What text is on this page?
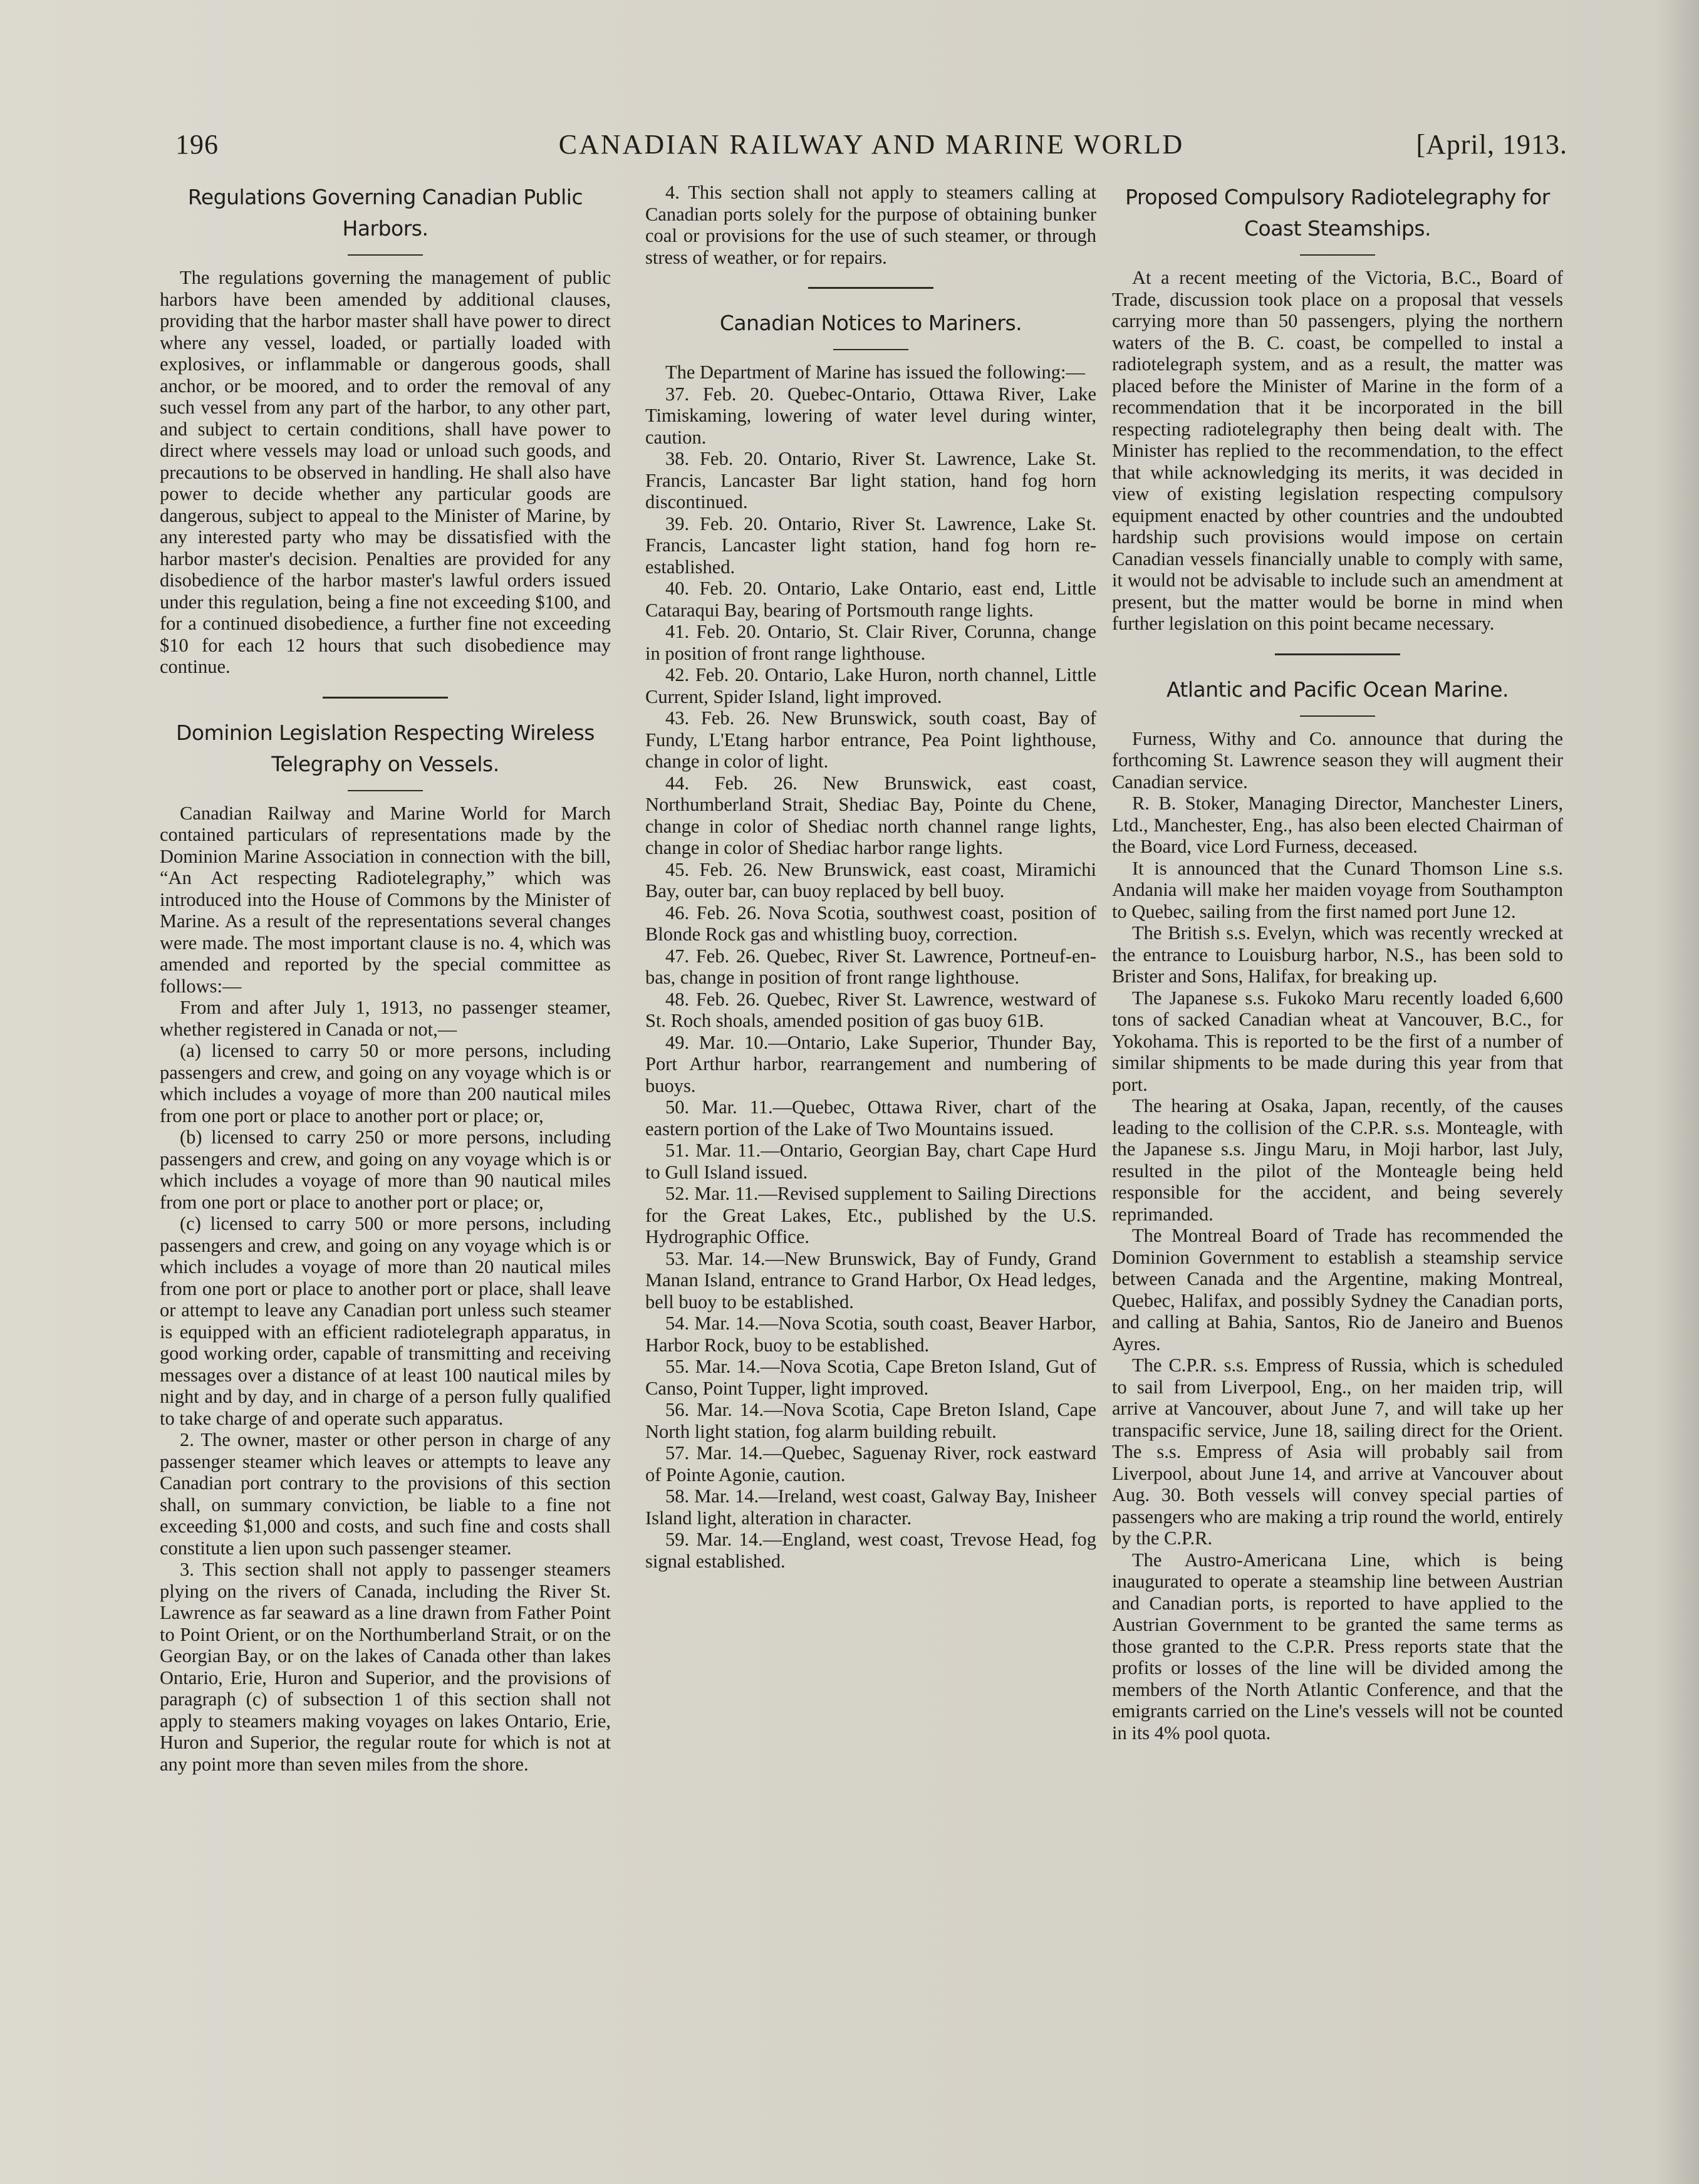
196	CANADIAN RAILWAY AND MARINE WORLD	[April, 1913.
Regulations Governing Canadian Public Harbors.

The regulations governing the management of public harbors have been amended by additional clauses, providing that the harbor master shall have power to direct where any vessel, loaded, or partially loaded with explosives, or inflammable or dangerous goods, shall anchor, or be moored, and to order the removal of any such vessel from any part of the harbor, to any other part, and subject to certain conditions, shall have power to direct where vessels may load or unload such goods, and precautions to be observed in handling. He shall also have power to decide whether any particular goods are dangerous, subject to appeal to the Minister of Marine, by any interested party who may be dissatisfied with the harbor master's decision. Penalties are provided for any disobedience of the harbor master's lawful orders issued under this regulation, being a fine not exceeding $100, and for a continued disobedience, a further fine not exceeding $10 for each 12 hours that such disobedience may continue.

Dominion Legislation Respecting Wireless Telegraphy on Vessels.

Canadian Railway and Marine World for March contained particulars of representations made by the Dominion Marine Association in connection with the bill, “An Act respecting Radiotelegraphy,” which was introduced into the House of Commons by the Minister of Marine. As a result of the representations several changes were made. The most important clause is no. 4, which was amended and reported by the special committee as follows:—

From and after July 1, 1913, no passenger steamer, whether registered in Canada or not,—

(a) licensed to carry 50 or more persons, including passengers and crew, and going on any voyage which is or which includes a voyage of more than 200 nautical miles from one port or place to another port or place; or,

(b) licensed to carry 250 or more persons, including passengers and crew, and going on any voyage which is or which includes a voyage of more than 90 nautical miles from one port or place to another port or place; or,

(c) licensed to carry 500 or more persons, including passengers and crew, and going on any voyage which is or which includes a voyage of more than 20 nautical miles from one port or place to another port or place, shall leave or attempt to leave any Canadian port unless such steamer is equipped with an efficient radiotelegraph apparatus, in good working order, capable of transmitting and receiving messages over a distance of at least 100 nautical miles by night and by day, and in charge of a person fully qualified to take charge of and operate such apparatus.

2. The owner, master or other person in charge of any passenger steamer which leaves or attempts to leave any Canadian port contrary to the provisions of this section shall, on summary conviction, be liable to a fine not exceeding $1,000 and costs, and such fine and costs shall constitute a lien upon such passenger steamer.

3. This section shall not apply to passenger steamers plying on the rivers of Canada, including the River St. Lawrence as far seaward as a line drawn from Father Point to Point Orient, or on the Northumberland Strait, or on the Georgian Bay, or on the lakes of Canada other than lakes Ontario, Erie, Huron and Superior, and the provisions of paragraph (c) of subsection 1 of this section shall not apply to steamers making voyages on lakes Ontario, Erie, Huron and Superior, the regular route for which is not at any point more than seven miles from the shore.

4. This section shall not apply to steamers calling at Canadian ports solely for the purpose of obtaining bunker coal or provisions for the use of such steamer, or through stress of weather, or for repairs.

Canadian Notices to Mariners.

The Department of Marine has issued the following:—

37. Feb. 20. Quebec-Ontario, Ottawa River, Lake Timiskaming, lowering of water level during winter, caution.

38. Feb. 20. Ontario, River St. Lawrence, Lake St. Francis, Lancaster Bar light station, hand fog horn discontinued.

39. Feb. 20. Ontario, River St. Lawrence, Lake St. Francis, Lancaster light station, hand fog horn re-established.

40. Feb. 20. Ontario, Lake Ontario, east end, Little Cataraqui Bay, bearing of Portsmouth range lights.

41. Feb. 20. Ontario, St. Clair River, Corunna, change in position of front range lighthouse.

42. Feb. 20. Ontario, Lake Huron, north channel, Little Current, Spider Island, light improved.

43. Feb. 26. New Brunswick, south coast, Bay of Fundy, L'Etang harbor entrance, Pea Point lighthouse, change in color of light.

44. Feb. 26. New Brunswick, east coast, Northumberland Strait, Shediac Bay, Pointe du Chene, change in color of Shediac north channel range lights, change in color of Shediac harbor range lights.

45. Feb. 26. New Brunswick, east coast, Miramichi Bay, outer bar, can buoy replaced by bell buoy.

46. Feb. 26. Nova Scotia, southwest coast, position of Blonde Rock gas and whistling buoy, correction.

47. Feb. 26. Quebec, River St. Lawrence, Portneuf-en-bas, change in position of front range lighthouse.

48. Feb. 26. Quebec, River St. Lawrence, westward of St. Roch shoals, amended position of gas buoy 61B.

49. Mar. 10.—Ontario, Lake Superior, Thunder Bay, Port Arthur harbor, rearrangement and numbering of buoys.

50. Mar. 11.—Quebec, Ottawa River, chart of the eastern portion of the Lake of Two Mountains issued.

51. Mar. 11.—Ontario, Georgian Bay, chart Cape Hurd to Gull Island issued.

52. Mar. 11.—Revised supplement to Sailing Directions for the Great Lakes, Etc., published by the U.S. Hydrographic Office.

53. Mar. 14.—New Brunswick, Bay of Fundy, Grand Manan Island, entrance to Grand Harbor, Ox Head ledges, bell buoy to be established.

54. Mar. 14.—Nova Scotia, south coast, Beaver Harbor, Harbor Rock, buoy to be established.

55. Mar. 14.—Nova Scotia, Cape Breton Island, Gut of Canso, Point Tupper, light improved.

56. Mar. 14.—Nova Scotia, Cape Breton Island, Cape North light station, fog alarm building rebuilt.

57. Mar. 14.—Quebec, Saguenay River, rock eastward of Pointe Agonie, caution.

58. Mar. 14.—Ireland, west coast, Galway Bay, Inisheer Island light, alteration in character.

59. Mar. 14.—England, west coast, Trevose Head, fog signal established.

Proposed Compulsory Radiotelegraphy for Coast Steamships.

At a recent meeting of the Victoria, B.C., Board of Trade, discussion took place on a proposal that vessels carrying more than 50 passengers, plying the northern waters of the B. C. coast, be compelled to instal a radiotelegraph system, and as a result, the matter was placed before the Minister of Marine in the form of a recommendation that it be incorporated in the bill respecting radiotelegraphy then being dealt with. The Minister has replied to the recommendation, to the effect that while acknowledging its merits, it was decided in view of existing legislation respecting compulsory equipment enacted by other countries and the undoubted hardship such provisions would impose on certain Canadian vessels financially unable to comply with same, it would not be advisable to include such an amendment at present, but the matter would be borne in mind when further legislation on this point became necessary.

Atlantic and Pacific Ocean Marine.

Furness, Withy and Co. announce that during the forthcoming St. Lawrence season they will augment their Canadian service.

R. B. Stoker, Managing Director, Manchester Liners, Ltd., Manchester, Eng., has also been elected Chairman of the Board, vice Lord Furness, deceased.

It is announced that the Cunard Thomson Line s.s. Andania will make her maiden voyage from Southampton to Quebec, sailing from the first named port June 12.

The British s.s. Evelyn, which was recently wrecked at the entrance to Louisburg harbor, N.S., has been sold to Brister and Sons, Halifax, for breaking up.

The Japanese s.s. Fukoko Maru recently loaded 6,600 tons of sacked Canadian wheat at Vancouver, B.C., for Yokohama. This is reported to be the first of a number of similar shipments to be made during this year from that port.

The hearing at Osaka, Japan, recently, of the causes leading to the collision of the C.P.R. s.s. Monteagle, with the Japanese s.s. Jingu Maru, in Moji harbor, last July, resulted in the pilot of the Monteagle being held responsible for the accident, and being severely reprimanded.

The Montreal Board of Trade has recommended the Dominion Government to establish a steamship service between Canada and the Argentine, making Montreal, Quebec, Halifax, and possibly Sydney the Canadian ports, and calling at Bahia, Santos, Rio de Janeiro and Buenos Ayres.

The C.P.R. s.s. Empress of Russia, which is scheduled to sail from Liverpool, Eng., on her maiden trip, will arrive at Vancouver, about June 7, and will take up her transpacific service, June 18, sailing direct for the Orient. The s.s. Empress of Asia will probably sail from Liverpool, about June 14, and arrive at Vancouver about Aug. 30. Both vessels will convey special parties of passengers who are making a trip round the world, entirely by the C.P.R.

The Austro-Americana Line, which is being inaugurated to operate a steamship line between Austrian and Canadian ports, is reported to have applied to the Austrian Government to be granted the same terms as those granted to the C.P.R. Press reports state that the profits or losses of the line will be divided among the members of the North Atlantic Conference, and that the emigrants carried on the Line's vessels will not be counted in its 4% pool quota.
